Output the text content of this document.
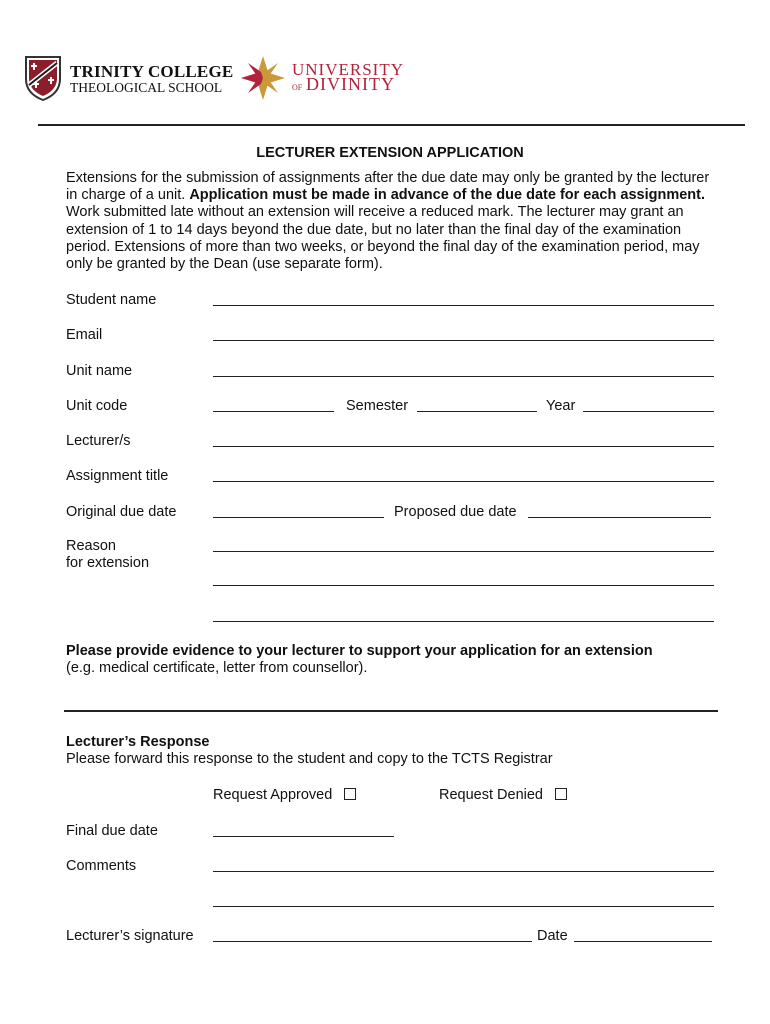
TRINITY COLLEGE
THEOLOGICAL SCHOOL
UNIVERSITY
OF DIVINITY
LECTURER EXTENSION APPLICATION
Extensions for the submission of assignments after the due date may only be granted by the lecturer in charge of a unit. Application must be made in advance of the due date for each assignment. Work submitted late without an extension will receive a reduced mark. The lecturer may grant an extension of 1 to 14 days beyond the due date, but no later than the final day of the examination period. Extensions of more than two weeks, or beyond the final day of the examination period, may only be granted by the Dean (use separate form).
Student name
Email
Unit name
Unit code	Semester	Year
Lecturer/s
Assignment title
Original due date	Proposed due date
Reason
for extension
Please provide evidence to your lecturer to support your application for an extension
(e.g. medical certificate, letter from counsellor).
Lecturer’s Response
Please forward this response to the student and copy to the TCTS Registrar
Request Approved	Request Denied
Final due date
Comments
Lecturer’s signature	Date
